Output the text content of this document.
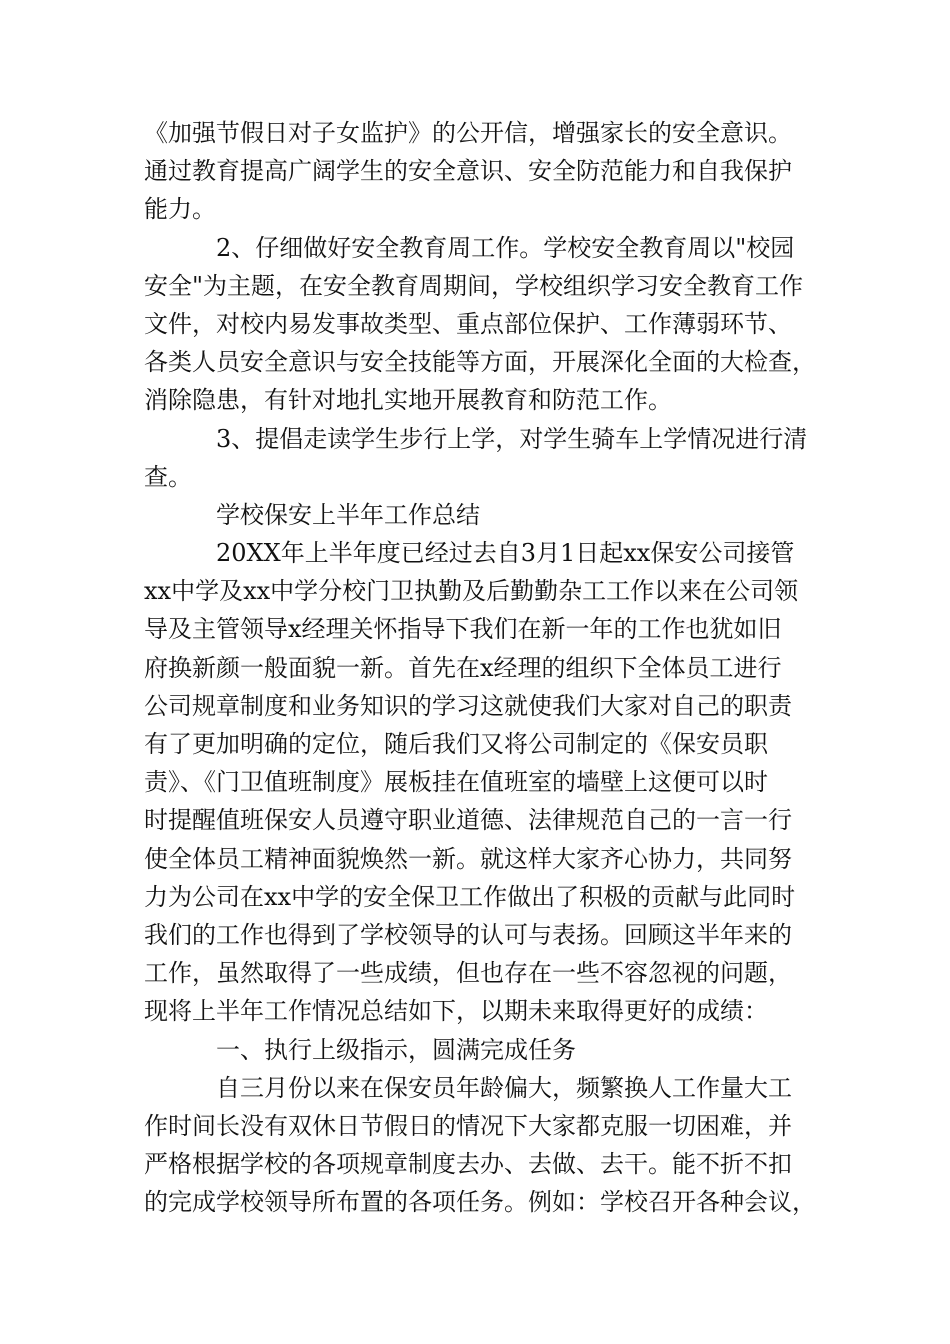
《加强节假日对子女监护》的公开信，增强家长的安全意识。
通过教育提高广阔学生的安全意识、安全防范能力和自我保护
能力。
2、仔细做好安全教育周工作。学校安全教育周以"校园
安全"为主题，在安全教育周期间，学校组织学习安全教育工作
文件，对校内易发事故类型、重点部位保护、工作薄弱环节、
各类人员安全意识与安全技能等方面，开展深化全面的大检查，
消除隐患，有针对地扎实地开展教育和防范工作。
3、提倡走读学生步行上学，对学生骑车上学情况进行清
查。
学校保安上半年工作总结
20XX年上半年度已经过去自3月1日起xx保安公司接管
xx中学及xx中学分校门卫执勤及后勤勤杂工工作以来在公司领
导及主管领导x经理关怀指导下我们在新一年的工作也犹如旧
府换新颜一般面貌一新。首先在x经理的组织下全体员工进行
公司规章制度和业务知识的学习这就使我们大家对自己的职责
有了更加明确的定位，随后我们又将公司制定的《保安员职
责》、《门卫值班制度》展板挂在值班室的墙壁上这便可以时
时提醒值班保安人员遵守职业道德、法律规范自己的一言一行
使全体员工精神面貌焕然一新。就这样大家齐心协力，共同努
力为公司在xx中学的安全保卫工作做出了积极的贡献与此同时
我们的工作也得到了学校领导的认可与表扬。回顾这半年来的
工作，虽然取得了一些成绩，但也存在一些不容忽视的问题，
现将上半年工作情况总结如下，以期未来取得更好的成绩：
一、执行上级指示，圆满完成任务
自三月份以来在保安员年龄偏大，频繁换人工作量大工
作时间长没有双休日节假日的情况下大家都克服一切困难，并
严格根据学校的各项规章制度去办、去做、去干。能不折不扣
的完成学校领导所布置的各项任务。例如：学校召开各种会议，
